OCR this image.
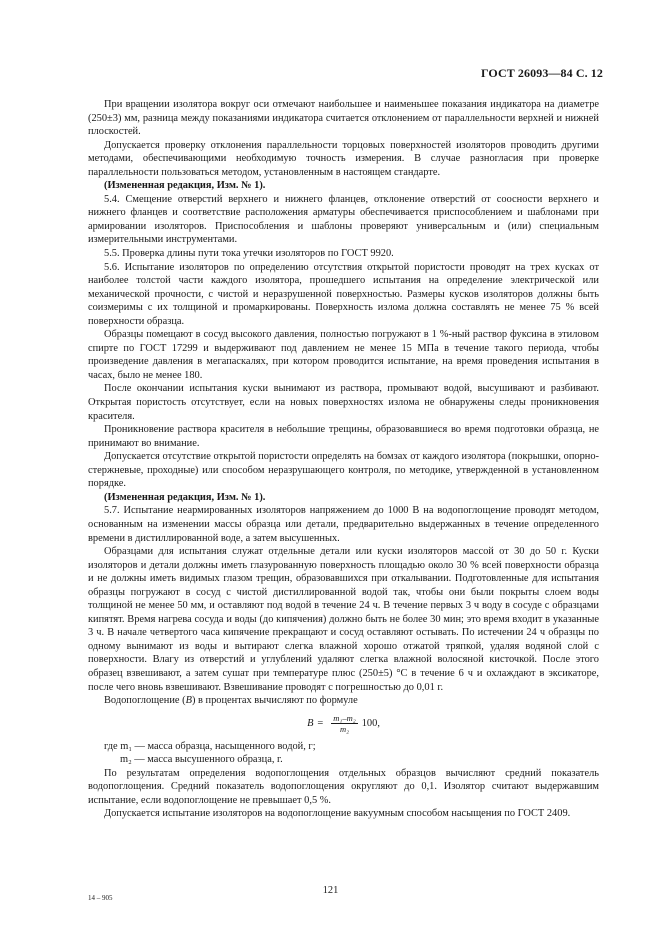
ГОСТ 26093—84 С. 12

При вращении изолятора вокруг оси отмечают наибольшее и наименьшее показания индикатора на диаметре (250±3) мм, разница между показаниями индикатора считается отклонением от параллельности верхней и нижней плоскостей.

Допускается проверку отклонения параллельности торцовых поверхностей изоляторов проводить другими методами, обеспечивающими необходимую точность измерения. В случае разногласия при проверке параллельности пользоваться методом, установленным в настоящем стандарте.

(Измененная редакция, Изм. № 1).

5.4. Смещение отверстий верхнего и нижнего фланцев, отклонение отверстий от соосности верхнего и нижнего фланцев и соответствие расположения арматуры обеспечивается приспособлением и шаблонами при армировании изоляторов. Приспособления и шаблоны проверяют универсальным и (или) специальным измерительными инструментами.

5.5. Проверка длины пути тока утечки изоляторов по ГОСТ 9920.

5.6. Испытание изоляторов по определению отсутствия открытой пористости проводят на трех кусках от наиболее толстой части каждого изолятора, прошедшего испытания на определение электрической или механической прочности, с чистой и неразрушенной поверхностью. Размеры кусков изоляторов должны быть соизмеримы с их толщиной и промаркированы. Поверхность излома должна составлять не менее 75 % всей поверхности образца.

Образцы помещают в сосуд высокого давления, полностью погружают в 1 %-ный раствор фуксина в этиловом спирте по ГОСТ 17299 и выдерживают под давлением не менее 15 МПа в течение такого периода, чтобы произведение давления в мегапаскалях, при котором проводится испытание, на время проведения испытания в часах, было не менее 180.

После окончании испытания куски вынимают из раствора, промывают водой, высушивают и разбивают. Открытая пористость отсутствует, если на новых поверхностях излома не обнаружены следы проникновения красителя.

Проникновение раствора красителя в небольшие трещины, образовавшиеся во время подготовки образца, не принимают во внимание.

Допускается отсутствие открытой пористости определять на бомзах от каждого изолятора (покрышки, опорно-стержневые, проходные) или способом неразрушающего контроля, по методике, утвержденной в установленном порядке.

(Измененная редакция, Изм. № 1).

5.7. Испытание неармированных изоляторов напряжением до 1000 В на водопоглощение проводят методом, основанным на изменении массы образца или детали, предварительно выдержанных в течение определенного времени в дистиллированной воде, а затем высушенных.

Образцами для испытания служат отдельные детали или куски изоляторов массой от 30 до 50 г. Куски изоляторов и детали должны иметь глазурованную поверхность площадью около 30 % всей поверхности образца и не должны иметь видимых глазом трещин, образовавшихся при откалывании. Подготовленные для испытания образцы погружают в сосуд с чистой дистиллированной водой так, чтобы они были покрыты слоем воды толщиной не менее 50 мм, и оставляют под водой в течение 24 ч. В течение первых 3 ч воду в сосуде с образцами кипятят. Время нагрева сосуда и воды (до кипячения) должно быть не более 30 мин; это время входит в указанные 3 ч. В начале четвертого часа кипячение прекращают и сосуд оставляют остывать. По истечении 24 ч образцы по одному вынимают из воды и вытирают слегка влажной хорошо отжатой тряпкой, удаляя водяной слой с поверхности. Влагу из отверстий и углублений удаляют слегка влажной волосяной кисточкой. После этого образец взвешивают, а затем сушат при температуре плюс (250±5) °С в течение 6 ч и охлаждают в эксикаторе, после чего вновь взвешивают. Взвешивание проводят с погрешностью до 0,01 г.

Водопоглощение (B) в процентах вычисляют по формуле

$B = \frac{\text{m₁–m₂}}{\text{m₂}} 100$,

где m₁ — масса образца, насыщенного водой, г;

m₂ — масса высушенного образца, г.

По результатам определения водопоглощения отдельных образцов вычисляют средний показатель водопоглощения. Средний показатель водопоглощения округляют до 0,1. Изолятор считают выдержавшим испытание, если водопоглощение не превышает 0,5 %.

Допускается испытание изоляторов на водопоглощение вакуумным способом насыщения по ГОСТ 2409.

121
14 – 905
